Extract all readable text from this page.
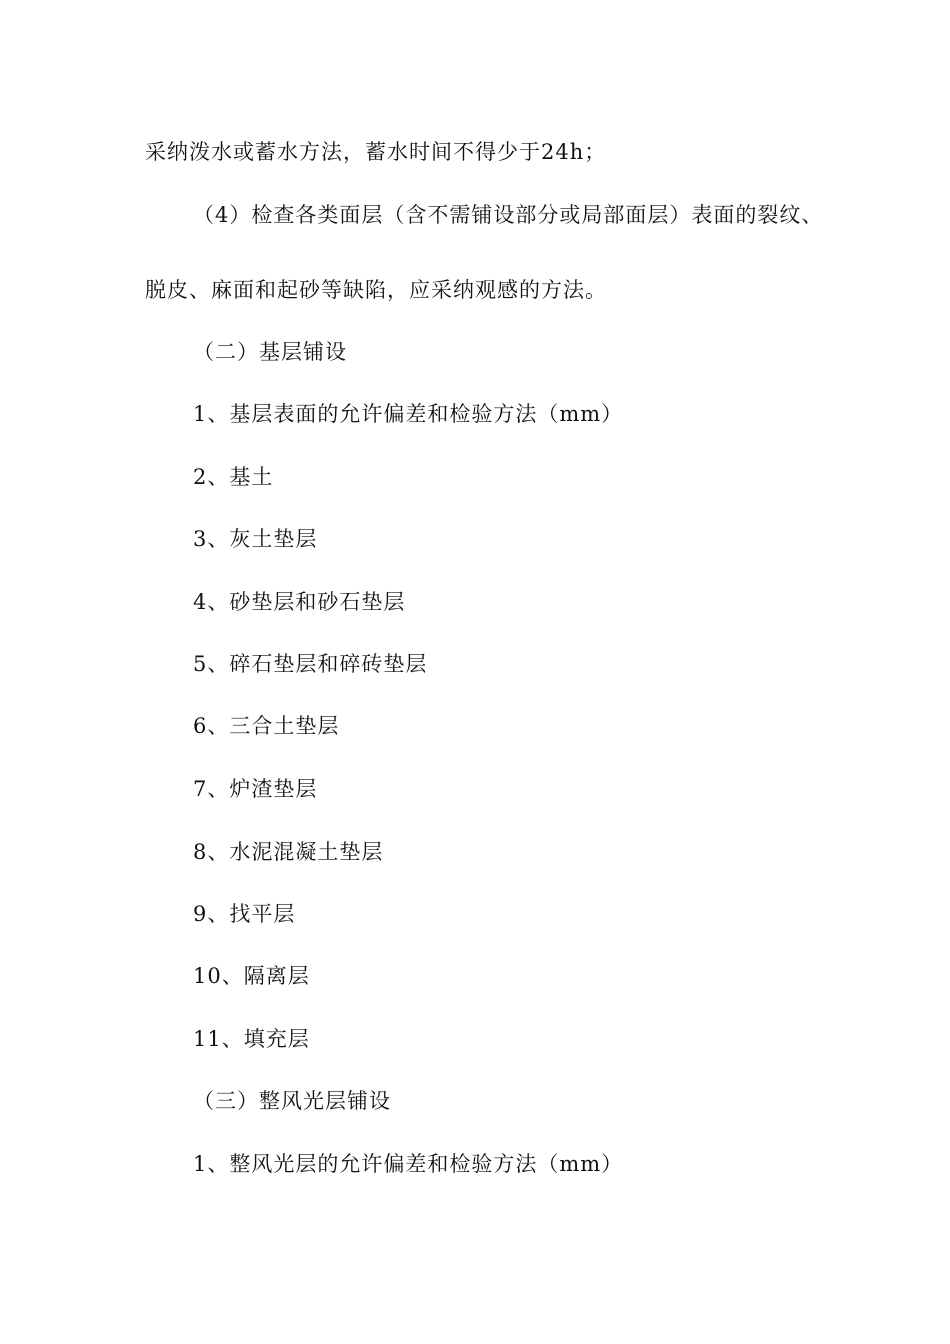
采纳泼水或蓄水方法，蓄水时间不得少于24h；
（4）检查各类面层（含不需铺设部分或局部面层）表面的裂纹、
脱皮、麻面和起砂等缺陷，应采纳观感的方法。
（二）基层铺设
1、基层表面的允许偏差和检验方法（mm）
2、基土
3、灰土垫层
4、砂垫层和砂石垫层
5、碎石垫层和碎砖垫层
6、三合土垫层
7、炉渣垫层
8、水泥混凝土垫层
9、找平层
10、隔离层
11、填充层
（三）整风光层铺设
1、整风光层的允许偏差和检验方法（mm）
